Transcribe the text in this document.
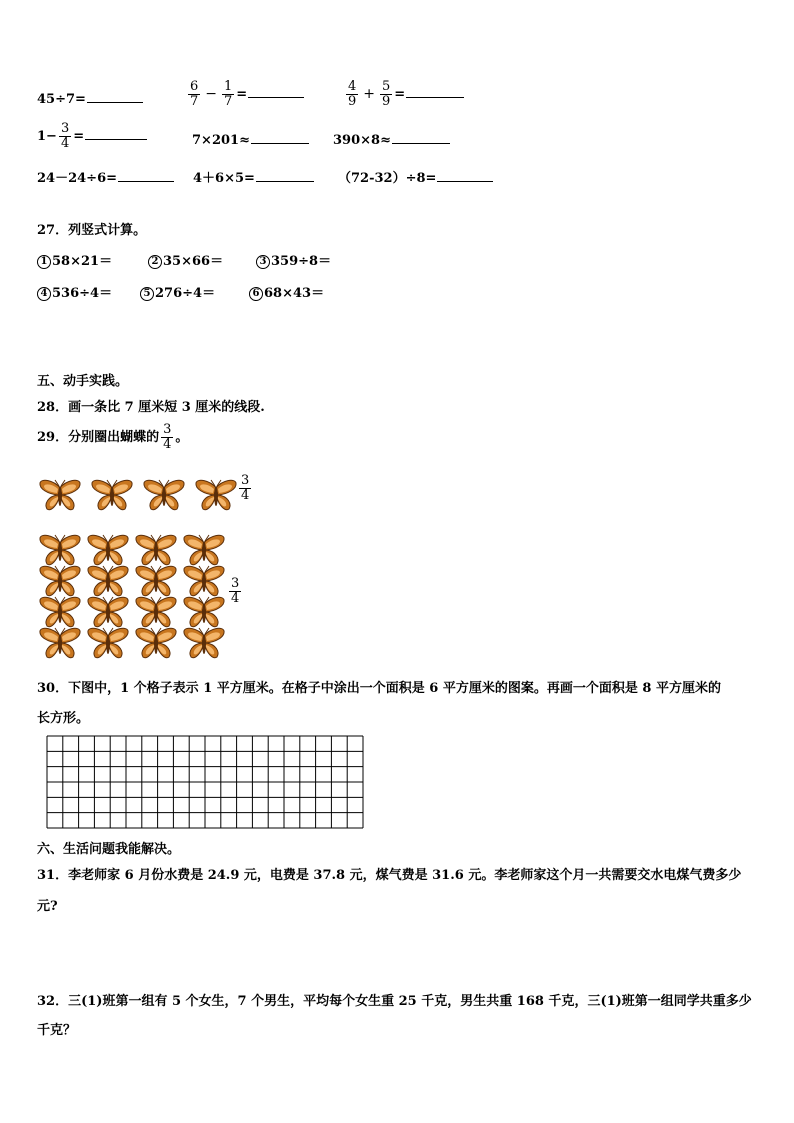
45÷7=	$\frac{6}{7} - \frac{1}{7}$ =	$\frac{4}{9} + \frac{5}{9}$ =
$1- \frac{3}{4}$ =	7×201≈	390×8≈
24－24÷6=	4＋6×5=	（72-32）÷8=
27．列竖式计算。
1 58×21＝	2 35×66＝	3 359÷8＝
4 536÷4＝	5 276÷4＝	6 68×43＝
五、动手实践。
28．画一条比 7 厘米短 3 厘米的线段.
29．分别圈出蝴蝶的 $\frac{3}{4}$ 。
$\frac{3}{4}$
$\frac{3}{4}$
30．下图中，1 个格子表示 1 平方厘米。在格子中涂出一个面积是 6 平方厘米的图案。再画一个面积是 8 平方厘米的
长方形。
六、生活问题我能解决。
31．李老师家 6 月份水费是 24.9 元，电费是 37.8 元，煤气费是 31.6 元。李老师家这个月一共需要交水电煤气费多少
元?
32．三(1)班第一组有 5 个女生，7 个男生，平均每个女生重 25 千克，男生共重 168 千克，三(1)班第一组同学共重多少
千克？
